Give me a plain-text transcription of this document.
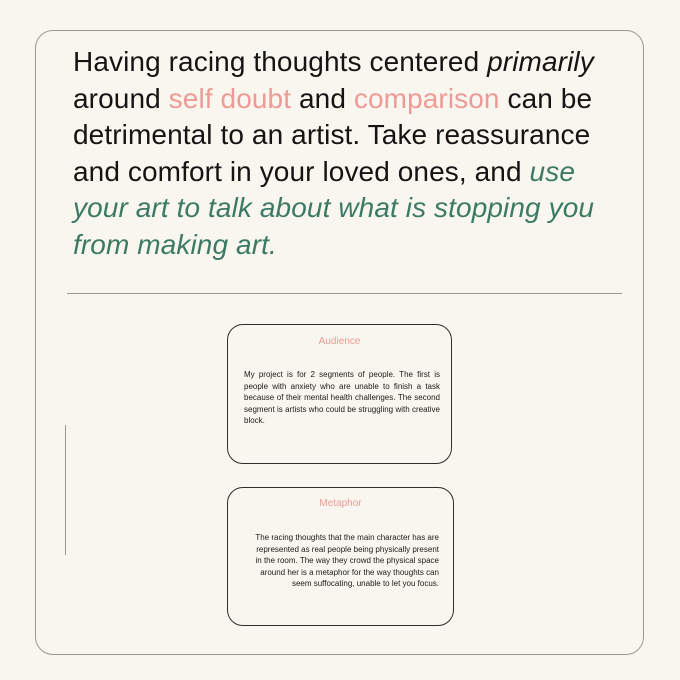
Having racing thoughts centered primarily around self doubt and comparison can be detrimental to an artist. Take reassurance and comfort in your loved ones, and use your art to talk about what is stopping you from making art.

Audience

My project is for 2 segments of people. The first is people with anxiety who are unable to finish a task because of their mental health challenges. The second segment is artists who could be struggling with creative block.

Metaphor

The racing thoughts that the main character has are represented as real people being physically present in the room. The way they crowd the physical space around her is a metaphor for the way thoughts can seem suffocating, unable to let you focus.
